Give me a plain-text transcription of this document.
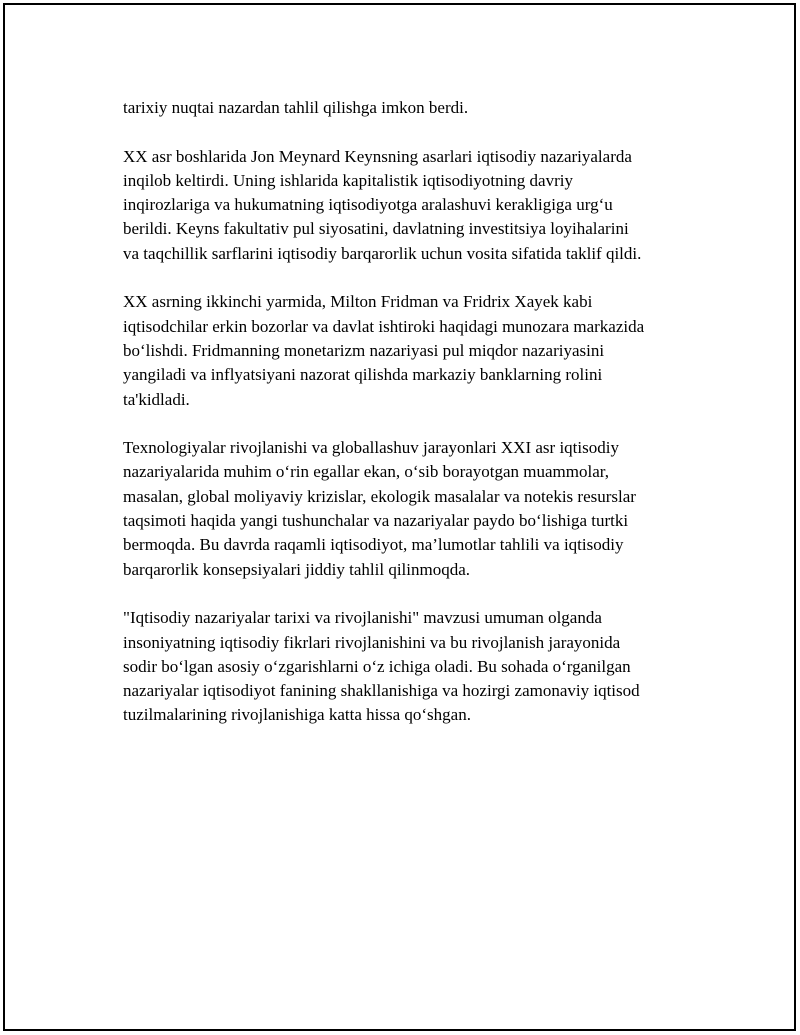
tarixiy nuqtai nazardan tahlil qilishga imkon berdi.

XX asr boshlarida Jon Meynard Keynsning asarlari iqtisodiy nazariyalarda
inqilob keltirdi. Uning ishlarida kapitalistik iqtisodiyotning davriy
inqirozlariga va hukumatning iqtisodiyotga aralashuvi kerakligiga urg‘u
berildi. Keyns fakultativ pul siyosatini, davlatning investitsiya loyihalarini
va taqchillik sarflarini iqtisodiy barqarorlik uchun vosita sifatida taklif qildi.

XX asrning ikkinchi yarmida, Milton Fridman va Fridrix Xayek kabi
iqtisodchilar erkin bozorlar va davlat ishtiroki haqidagi munozara markazida
bo‘lishdi. Fridmanning monetarizm nazariyasi pul miqdor nazariyasini
yangiladi va inflyatsiyani nazorat qilishda markaziy banklarning rolini
ta'kidladi.

Texnologiyalar rivojlanishi va globallashuv jarayonlari XXI asr iqtisodiy
nazariyalarida muhim o‘rin egallar ekan, o‘sib borayotgan muammolar,
masalan, global moliyaviy krizislar, ekologik masalalar va notekis resurslar
taqsimoti haqida yangi tushunchalar va nazariyalar paydo bo‘lishiga turtki
bermoqda. Bu davrda raqamli iqtisodiyot, ma’lumotlar tahlili va iqtisodiy
barqarorlik konsepsiyalari jiddiy tahlil qilinmoqda.

"Iqtisodiy nazariyalar tarixi va rivojlanishi" mavzusi umuman olganda
insoniyatning iqtisodiy fikrlari rivojlanishini va bu rivojlanish jarayonida
sodir bo‘lgan asosiy o‘zgarishlarni o‘z ichiga oladi. Bu sohada o‘rganilgan
nazariyalar iqtisodiyot fanining shakllanishiga va hozirgi zamonaviy iqtisod
tuzilmalarining rivojlanishiga katta hissa qo‘shgan.
